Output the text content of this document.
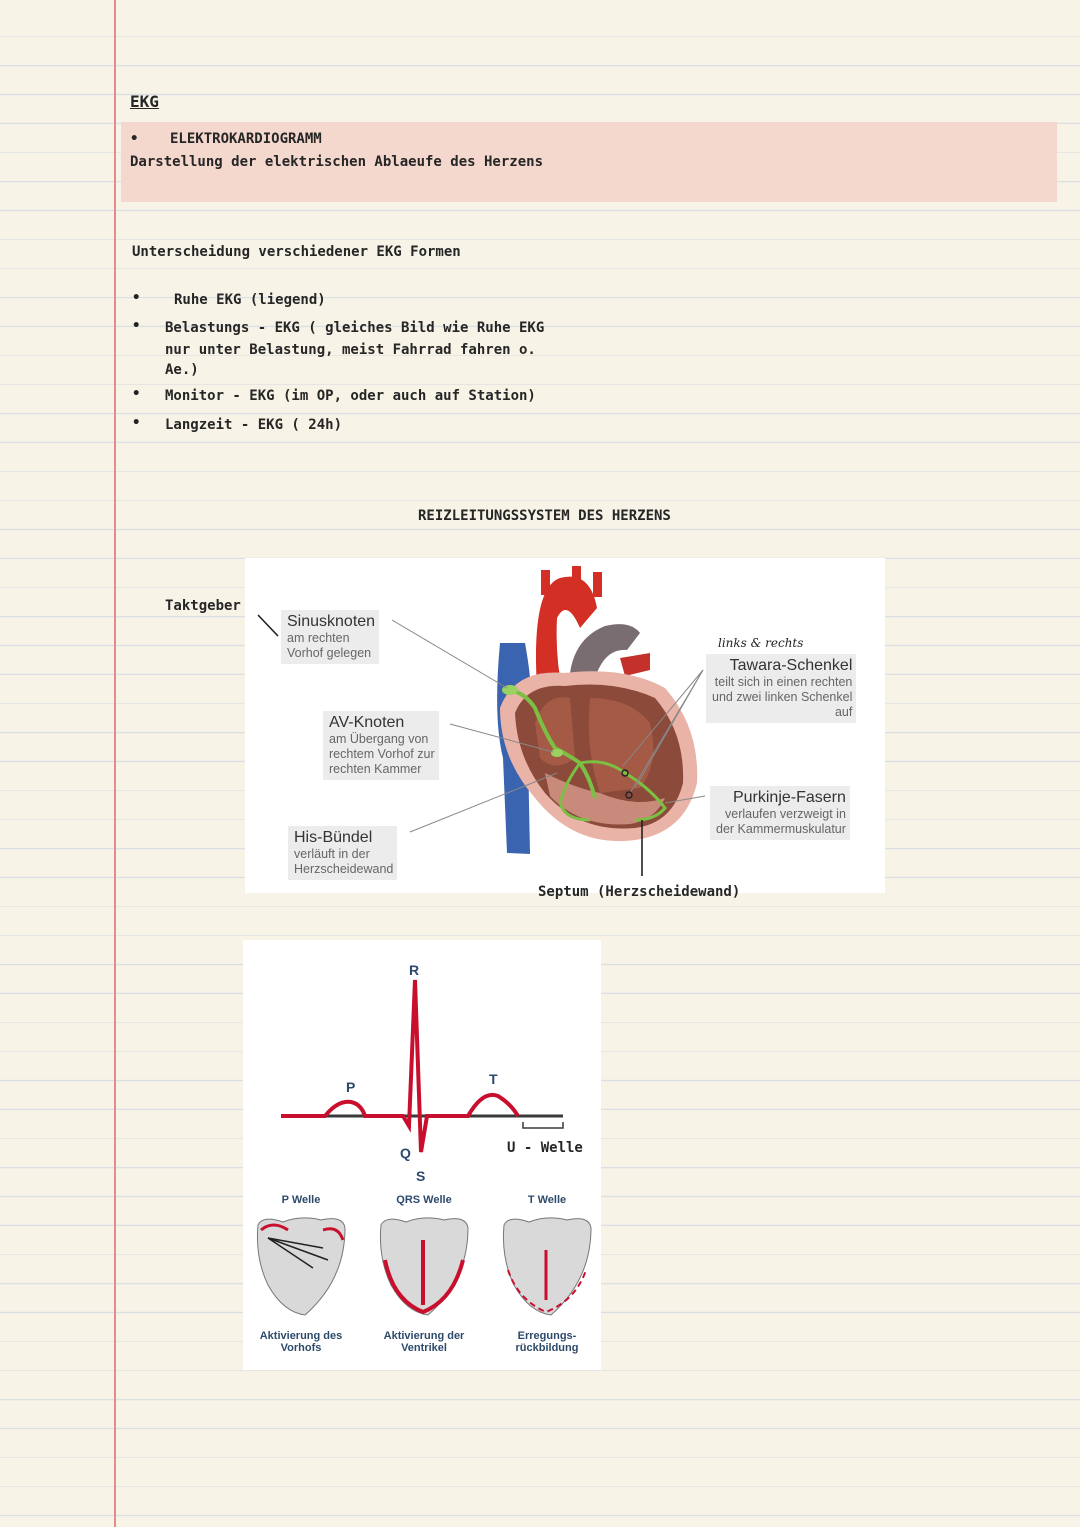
EKG
• ELEKTROKARDIOGRAMM
Darstellung der elektrischen Ablaeufe des Herzens
Unterscheidung verschiedener EKG Formen
• Ruhe EKG (liegend)
• Belastungs - EKG ( gleiches Bild wie Ruhe EKG
nur unter Belastung, meist Fahrrad fahren o.
Ae.)
• Monitor - EKG (im OP, oder auch auf Station)
• Langzeit - EKG ( 24h)
REIZLEITUNGSSYSTEM DES HERZENS
Sinusknoten
am rechten
Vorhof gelegen
AV-Knoten
am Übergang von
rechtem Vorhof zur
rechten Kammer
His-Bündel
verläuft in der
Herzscheidewand
Tawara-Schenkel
teilt sich in einen rechten
und zwei linken Schenkel
auf
Purkinje-Fasern
verlaufen verzweigt in
der Kammermuskulatur
Taktgeber
links & rechts
Septum (Herzscheidewand)
R
P
Q
S
T
P Welle	QRS Welle	T Welle
Aktivierung des
Vorhofs
Aktivierung der
Ventrikel
Erregungs-
rückbildung
U - Welle
